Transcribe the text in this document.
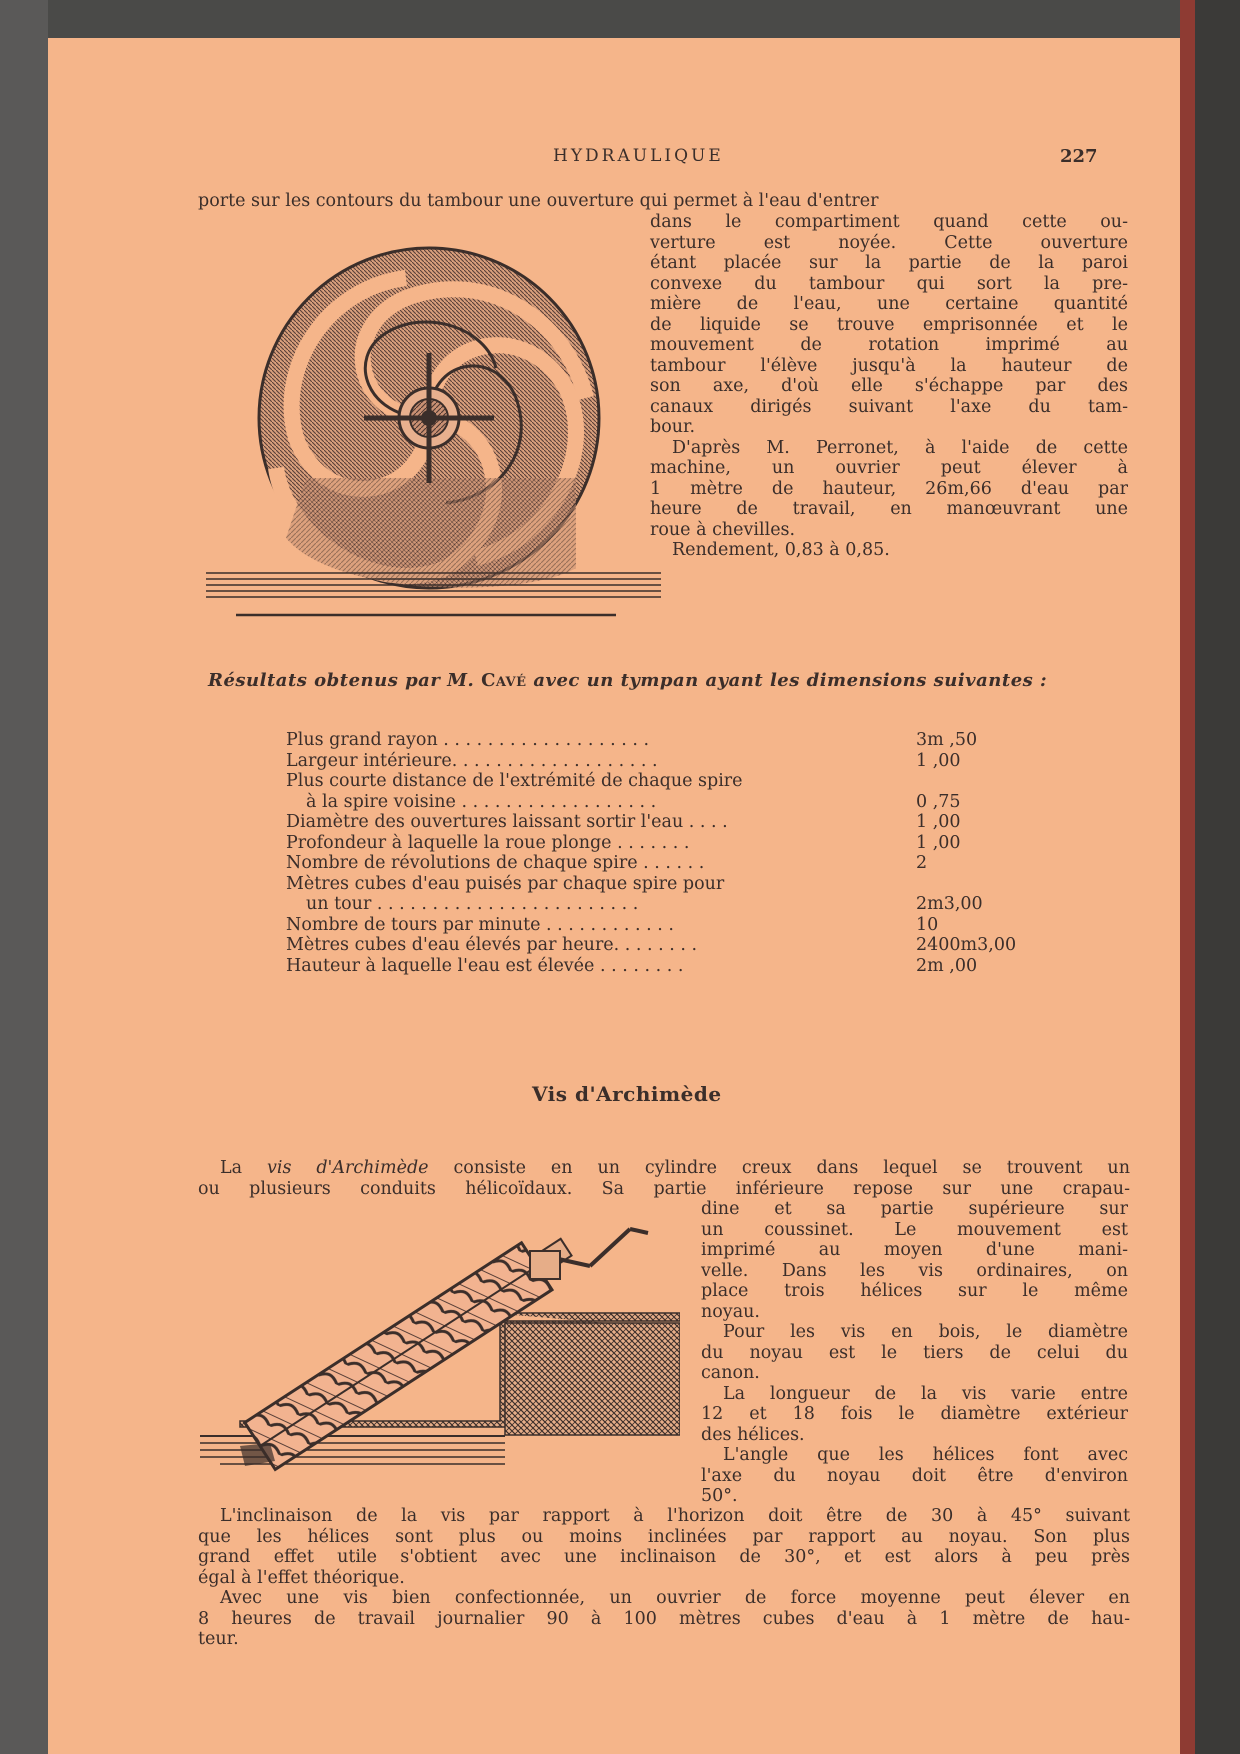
HYDRAULIQUE	227
porte sur les contours du tambour une ouverture qui permet à l'eau d'entrer
dans le compartiment quand cette ou-
verture est noyée. Cette ouverture
étant placée sur la partie de la paroi
convexe du tambour qui sort la pre-
mière de l'eau, une certaine quantité
de liquide se trouve emprisonnée et le
mouvement de rotation imprimé au
tambour l'élève jusqu'à la hauteur de
son axe, d'où elle s'échappe par des
canaux dirigés suivant l'axe du tam-
bour.
D'après M. Perronet, à l'aide de cette
machine, un ouvrier peut élever à
1 mètre de hauteur, 26m,66 d'eau par
heure de travail, en manœuvrant une
roue à chevilles.
Rendement, 0,83 à 0,85.
Résultats obtenus par M. Cavé avec un tympan ayant les dimensions suivantes :
Plus grand rayon . . . . . . . . . . . . . . . . . . .	3m ,50
Largeur intérieure. . . . . . . . . . . . . . . . . . .	1 ,00
Plus courte distance de l'extrémité de chaque spire	
à la spire voisine . . . . . . . . . . . . . . . . . .	0 ,75
Diamètre des ouvertures laissant sortir l'eau . . . .	1 ,00
Profondeur à laquelle la roue plonge . . . . . . .	1 ,00
Nombre de révolutions de chaque spire . . . . . .	2
Mètres cubes d'eau puisés par chaque spire pour	
un tour . . . . . . . . . . . . . . . . . . . . . . . .	2m3,00
Nombre de tours par minute . . . . . . . . . . . .	10
Mètres cubes d'eau élevés par heure. . . . . . . .	2400m3,00
Hauteur à laquelle l'eau est élevée . . . . . . . .	2m ,00
Vis d'Archimède
La vis d'Archimède consiste en un cylindre creux dans lequel se trouvent un
ou plusieurs conduits hélicoïdaux. Sa partie inférieure repose sur une crapau-
dine et sa partie supérieure sur
un coussinet. Le mouvement est
imprimé au moyen d'une mani-
velle. Dans les vis ordinaires, on
place trois hélices sur le même
noyau.
Pour les vis en bois, le diamètre
du noyau est le tiers de celui du
canon.
La longueur de la vis varie entre
12 et 18 fois le diamètre extérieur
des hélices.
L'angle que les hélices font avec
l'axe du noyau doit être d'environ
50°.
L'inclinaison de la vis par rapport à l'horizon doit être de 30 à 45° suivant
que les hélices sont plus ou moins inclinées par rapport au noyau. Son plus
grand effet utile s'obtient avec une inclinaison de 30°, et est alors à peu près
égal à l'effet théorique.
Avec une vis bien confectionnée, un ouvrier de force moyenne peut élever en
8 heures de travail journalier 90 à 100 mètres cubes d'eau à 1 mètre de hau-
teur.
